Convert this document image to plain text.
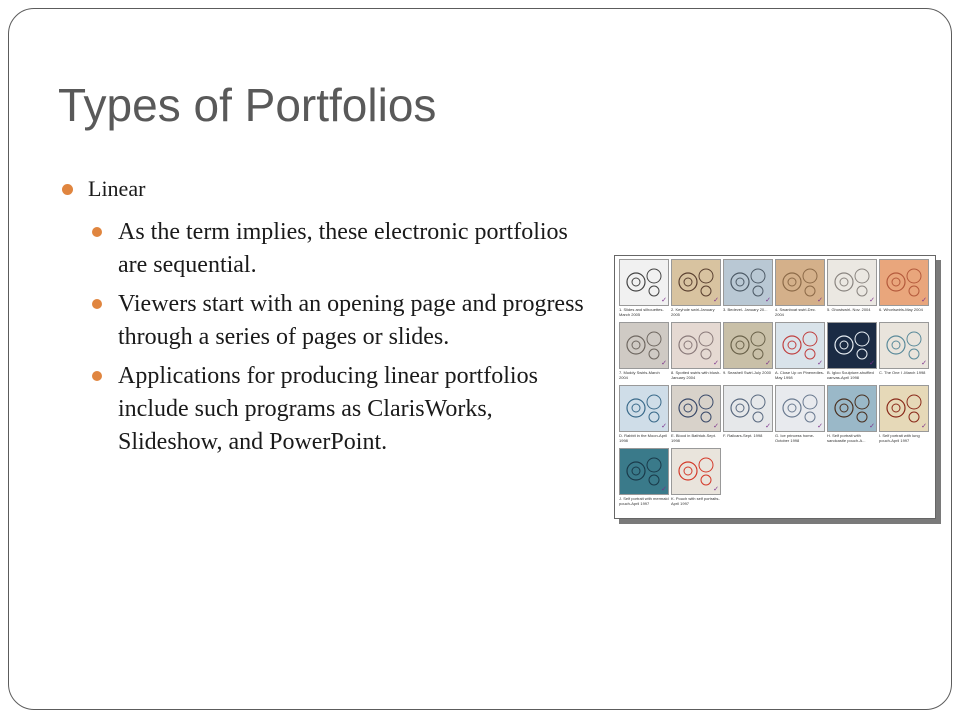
Types of Portfolios
Linear
As the term implies, these electronic portfolios are sequential.
Viewers start with an opening page and progress through a series of pages or slides.
Applications for producing linear portfolios include such programs as ClarisWorks, Slideshow, and PowerPoint.
✓
1. Slides and silhouettes-March 2005
✓
2. Keyhole swirl-January 2005
✓
3. Bedevel- January 20...
✓
4. Swanboat swirl-Dec. 2004
✓
5. Ghostswirl- Nov. 2004
✓
6. Whorlswirls-May 2004
✓
7. Muddy Swirls-March 2004
✓
8. Spotted swirls with blush-January 2004
✓
9. Seashell Swirl-July 2000
✓
A. Close Up on Pinenedles-May 1998
✓
B. Igloo Sculpture-shuffled canvas-April 1998
✓
C. The One I -March 1998
✓
D. Rabbit in the Moon-April 1998
✓
E. Blood in Bathtub-Sept. 1998
✓
F. Railcars-Sept. 1998
✓
G. Ice princess home-October 1998
✓
H. Self portrait with sandcastle pouch-A...
✓
I. Self portrait with lung pouch-April 1997
✓
J. Self portrait with mermaid pouch-April 1997
✓
K. Pouch with self portraits-April 1997
